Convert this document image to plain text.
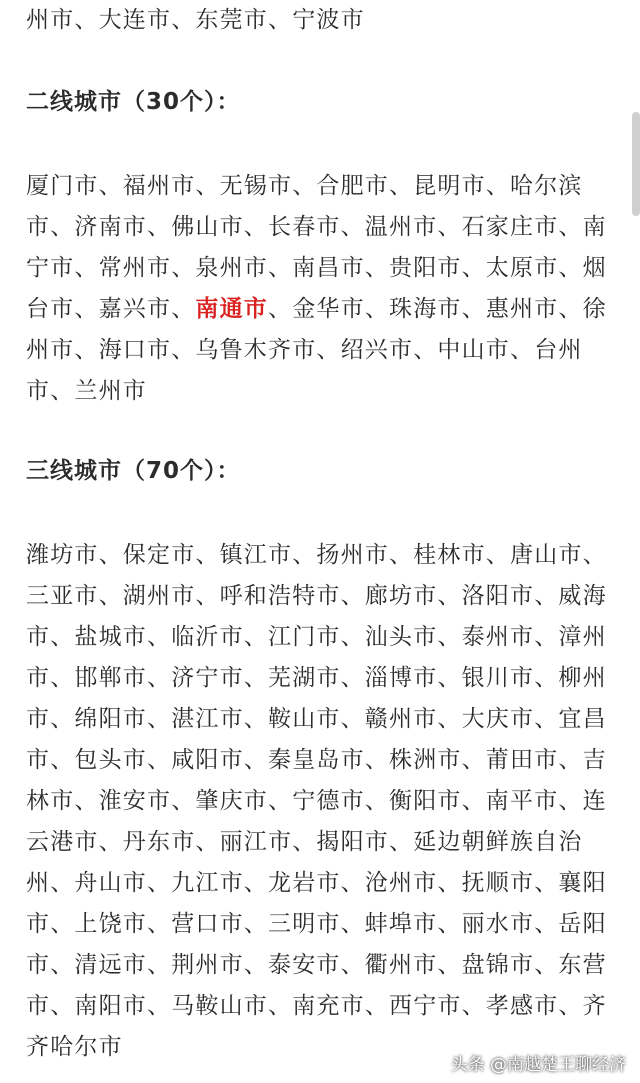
州市、大连市、东莞市、宁波市

二线城市（30个）：

厦门市、福州市、无锡市、合肥市、昆明市、哈尔滨市、济南市、佛山市、长春市、温州市、石家庄市、南宁市、常州市、泉州市、南昌市、贵阳市、太原市、烟台市、嘉兴市、南通市、金华市、珠海市、惠州市、徐州市、海口市、乌鲁木齐市、绍兴市、中山市、台州市、兰州市

三线城市（70个）：

潍坊市、保定市、镇江市、扬州市、桂林市、唐山市、三亚市、湖州市、呼和浩特市、廊坊市、洛阳市、威海市、盐城市、临沂市、江门市、汕头市、泰州市、漳州市、邯郸市、济宁市、芜湖市、淄博市、银川市、柳州市、绵阳市、湛江市、鞍山市、赣州市、大庆市、宜昌市、包头市、咸阳市、秦皇岛市、株洲市、莆田市、吉林市、淮安市、肇庆市、宁德市、衡阳市、南平市、连云港市、丹东市、丽江市、揭阳市、延边朝鲜族自治州、舟山市、九江市、龙岩市、沧州市、抚顺市、襄阳市、上饶市、营口市、三明市、蚌埠市、丽水市、岳阳市、清远市、荆州市、泰安市、衢州市、盘锦市、东营市、南阳市、马鞍山市、南充市、西宁市、孝感市、齐齐哈尔市

头条 @南越楚王聊经济
